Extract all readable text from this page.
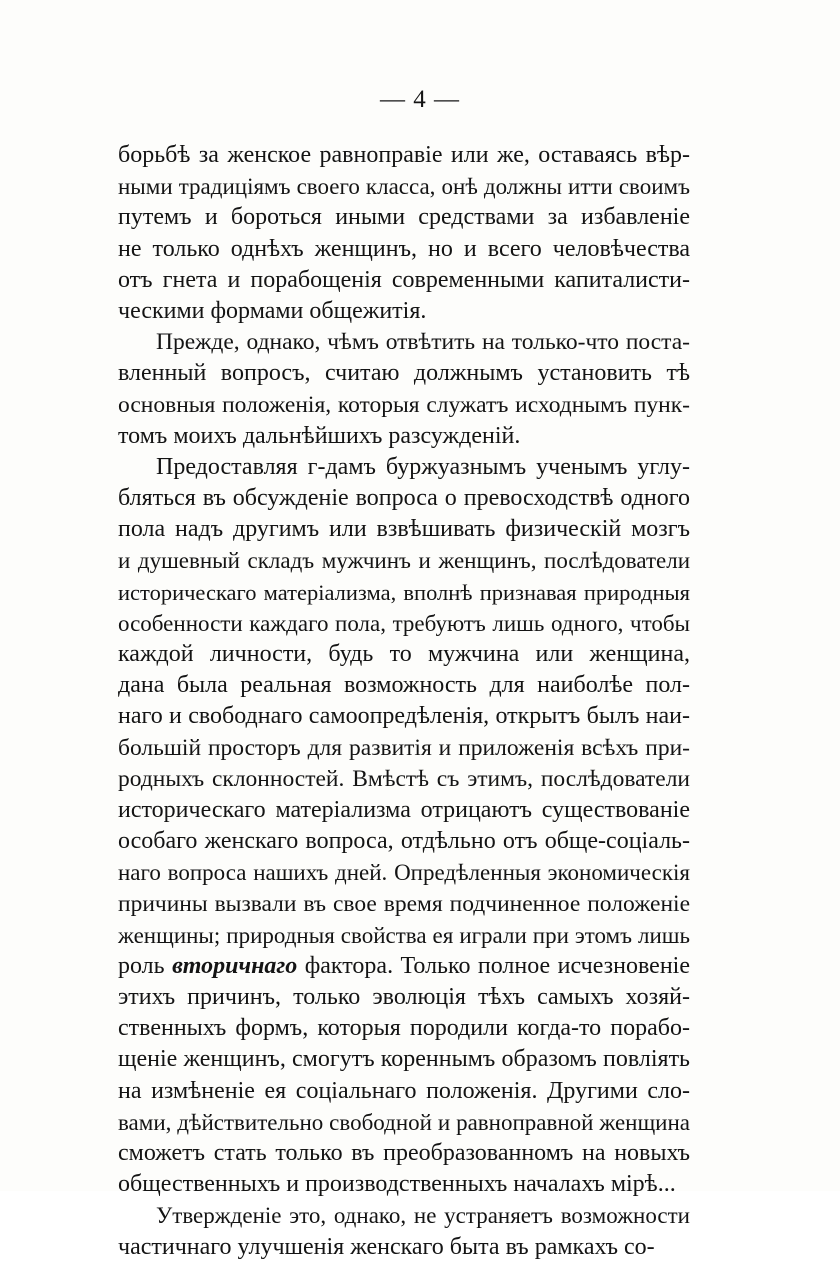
— 4 —
борьбѣ за женское равноправіе или же, оставаясь вѣр-
ными традиціямъ своего класса, онѣ должны итти своимъ
путемъ и бороться иными средствами за избавленіе
не только однѣхъ женщинъ, но и всего человѣчества
отъ гнета и порабощенія современными капиталисти-
ческими формами общежитія.
Прежде, однако, чѣмъ отвѣтить на только-что поста-
вленный вопросъ, считаю должнымъ установить тѣ
основныя положенія, которыя служатъ исходнымъ пунк-
томъ моихъ дальнѣйшихъ разсужденій.
Предоставляя г-дамъ буржуазнымъ ученымъ углу-
бляться въ обсужденіе вопроса о превосходствѣ одного
пола надъ другимъ или взвѣшивать физическій мозгъ
и душевный складъ мужчинъ и женщинъ, послѣдователи
историческаго матеріализма, вполнѣ признавая природныя
особенности каждаго пола, требуютъ лишь одного, чтобы
каждой личности, будь то мужчина или женщина,
дана была реальная возможность для наиболѣе пол-
наго и свободнаго самоопредѣленія, открытъ былъ наи-
большій просторъ для развитія и приложенія всѣхъ при-
родныхъ склонностей. Вмѣстѣ съ этимъ, послѣдователи
историческаго матеріализма отрицаютъ существованіе
особаго женскаго вопроса, отдѣльно отъ обще-соціаль-
наго вопроса нашихъ дней. Опредѣленныя экономическія
причины вызвали въ свое время подчиненное положеніе
женщины; природныя свойства ея играли при этомъ лишь
роль вторичнаго фактора. Только полное исчезновеніе
этихъ причинъ, только эволюція тѣхъ самыхъ хозяй-
ственныхъ формъ, которыя породили когда-то порабо-
щеніе женщинъ, смогутъ кореннымъ образомъ повліять
на измѣненіе ея соціальнаго положенія. Другими сло-
вами, дѣйствительно свободной и равноправной женщина
сможетъ стать только въ преобразованномъ на новыхъ
общественныхъ и производственныхъ началахъ мірѣ...
Утвержденіе это, однако, не устраняетъ возможности
частичнаго улучшенія женскаго быта въ рамкахъ со-
